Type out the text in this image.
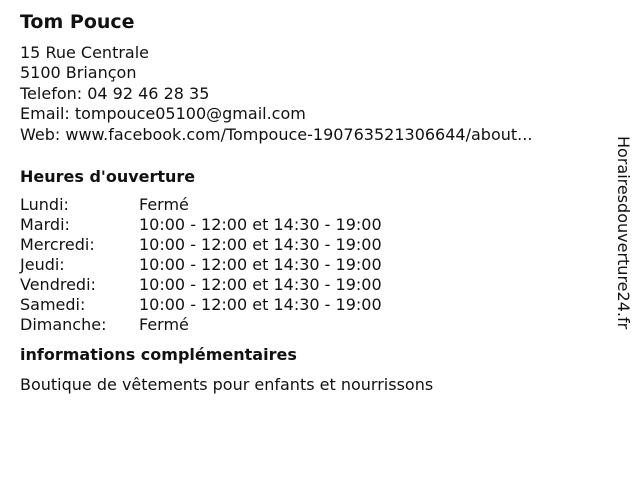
Tom Pouce
15 Rue Centrale
5100 Briançon
Telefon: 04 92 46 28 35
Email: tompouce05100@gmail.com
Web: www.facebook.com/Tompouce-190763521306644/about...
Heures d'ouverture
Lundi:	Fermé
Mardi:	10:00 - 12:00 et 14:30 - 19:00
Mercredi:	10:00 - 12:00 et 14:30 - 19:00
Jeudi:	10:00 - 12:00 et 14:30 - 19:00
Vendredi:	10:00 - 12:00 et 14:30 - 19:00
Samedi:	10:00 - 12:00 et 14:30 - 19:00
Dimanche:	Fermé
informations complémentaires
Boutique de vêtements pour enfants et nourrissons
Horairesdouverture24.fr
